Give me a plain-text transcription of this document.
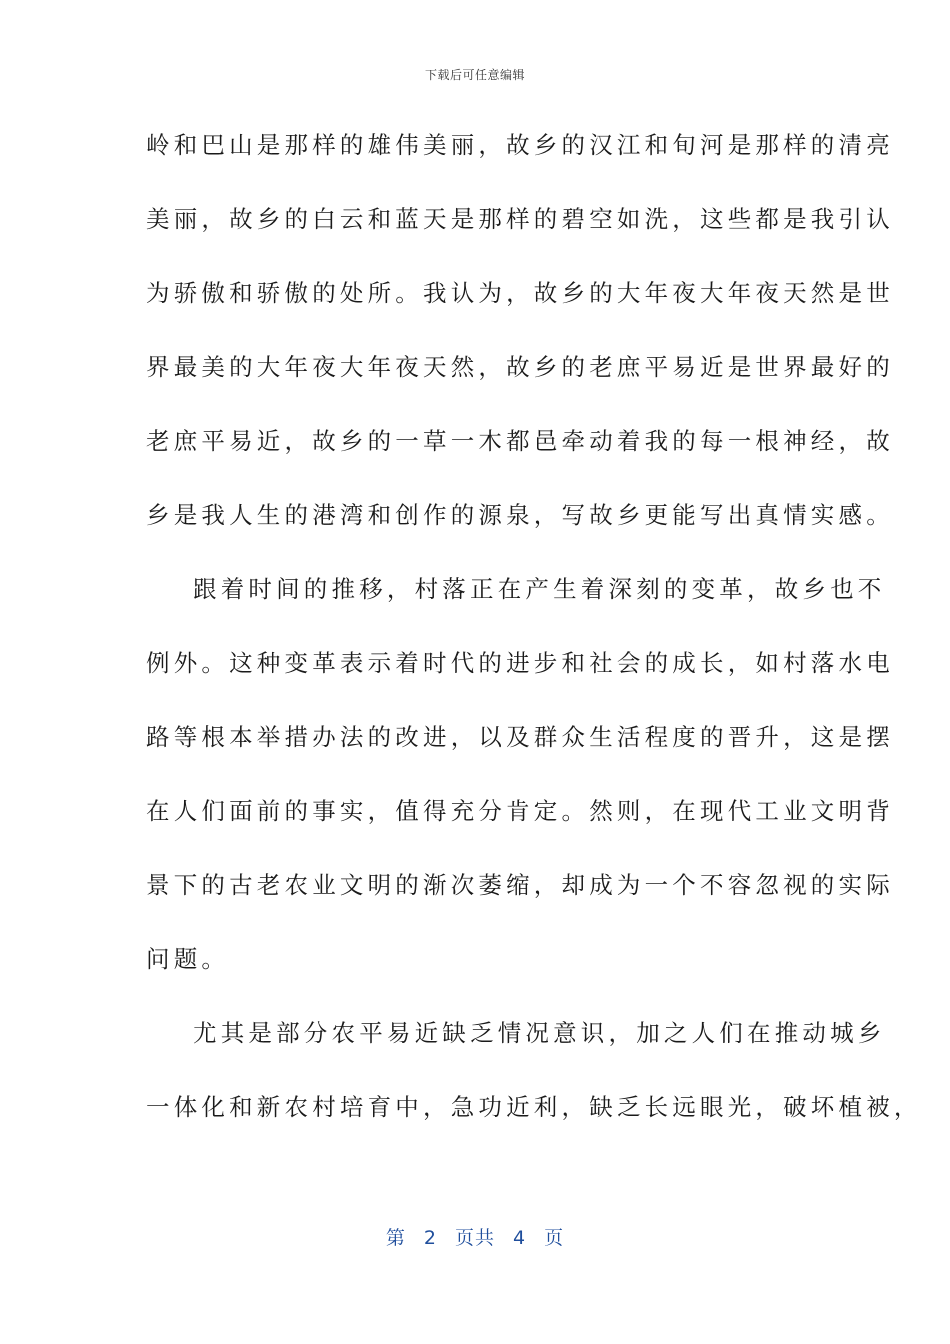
下载后可任意编辑
岭和巴山是那样的雄伟美丽，故乡的汉江和旬河是那样的清亮
美丽，故乡的白云和蓝天是那样的碧空如洗，这些都是我引认
为骄傲和骄傲的处所。我认为，故乡的大年夜大年夜天然是世
界最美的大年夜大年夜天然，故乡的老庶平易近是世界最好的
老庶平易近，故乡的一草一木都邑牵动着我的每一根神经，故
乡是我人生的港湾和创作的源泉，写故乡更能写出真情实感。
跟着时间的推移，村落正在产生着深刻的变革，故乡也不
例外。这种变革表示着时代的进步和社会的成长，如村落水电
路等根本举措办法的改进，以及群众生活程度的晋升，这是摆
在人们面前的事实，值得充分肯定。然则，在现代工业文明背
景下的古老农业文明的渐次萎缩，却成为一个不容忽视的实际
问题。
尤其是部分农平易近缺乏情况意识，加之人们在推动城乡
一体化和新农村培育中，急功近利，缺乏长远眼光，破坏植被，
第 2 页共 4 页
